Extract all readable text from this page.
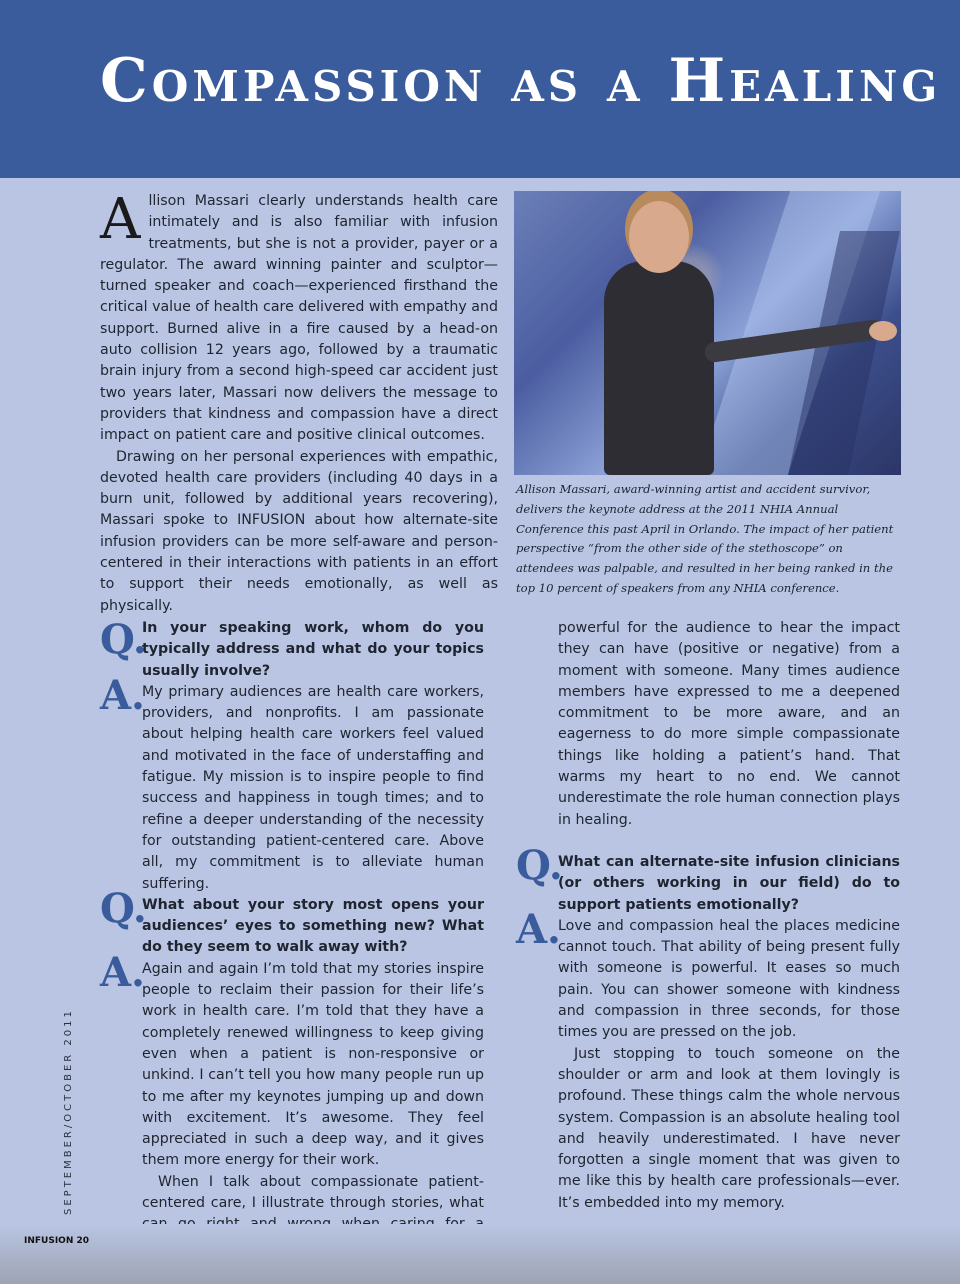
Compassion as a Healing

Allison Massari clearly understands health care intimately and is also familiar with infusion treatments, but she is not a provider, payer or a regulator. The award winning painter and sculptor—turned speaker and coach—experienced firsthand the critical value of health care delivered with empathy and support. Burned alive in a fire caused by a head-on auto collision 12 years ago, followed by a traumatic brain injury from a second high-speed car accident just two years later, Massari now delivers the message to providers that kindness and compassion have a direct impact on patient care and positive clinical outcomes.

Drawing on her personal experiences with empathic, devoted health care providers (including 40 days in a burn unit, followed by additional years recovering), Massari spoke to INFUSION about how alternate-site infusion providers can be more self-aware and person-centered in their interactions with patients in an effort to support their needs emotionally, as well as physically.

Allison Massari, award-winning artist and accident survivor, delivers the keynote address at the 2011 NHIA Annual Conference this past April in Orlando. The impact of her patient perspective “from the other side of the stethoscope” on attendees was palpable, and resulted in her being ranked in the top 10 percent of speakers from any NHIA conference.
Q.

In your speaking work, whom do you typically address and what do your topics usually involve?

A.

My primary audiences are health care workers, providers, and nonprofits. I am passionate about helping health care workers feel valued and motivated in the face of understaffing and fatigue. My mission is to inspire people to find success and happiness in tough times; and to refine a deeper understanding of the necessity for outstanding patient-centered care. Above all, my commitment is to alleviate human suffering.

Q.

What about your story most opens your audiences’ eyes to something new? What do they seem to walk away with?

A.

Again and again I’m told that my stories inspire people to reclaim their passion for their life’s work in health care. I’m told that they have a completely renewed willingness to keep giving even when a patient is non-responsive or unkind. I can’t tell you how many people run up to me after my keynotes jumping up and down with excitement. It’s awesome. They feel appreciated in such a deep way, and it gives them more energy for their work.

When I talk about compassionate patient-centered care, I illustrate through stories, what

powerful for the audience to hear the impact they can have (positive or negative) from a moment with someone. Many times audience members have expressed to me a deepened commitment to be more aware, and an eagerness to do more simple compassionate things like holding a patient’s hand. That warms my heart to no end. We cannot underestimate the role human connection plays in healing.

Q.

What can alternate-site infusion clinicians (or others working in our field) do to support patients emotionally?

A.

Love and compassion heal the places medicine cannot touch. That ability of being present fully with someone is powerful. It eases so much pain. You can shower someone with kindness and compassion in three seconds, for those times you are pressed on the job.

Just stopping to touch someone on the shoulder or arm and look at them lovingly is profound. These things calm the whole nervous system. Compassion is an absolute healing tool and heavily underestimated. I have never forgotten a single moment that was given to me like this by health care professionals—ever. It’s embedded into my memory.

SEPTEMBER/OCTOBER 2011
INFUSION 20
